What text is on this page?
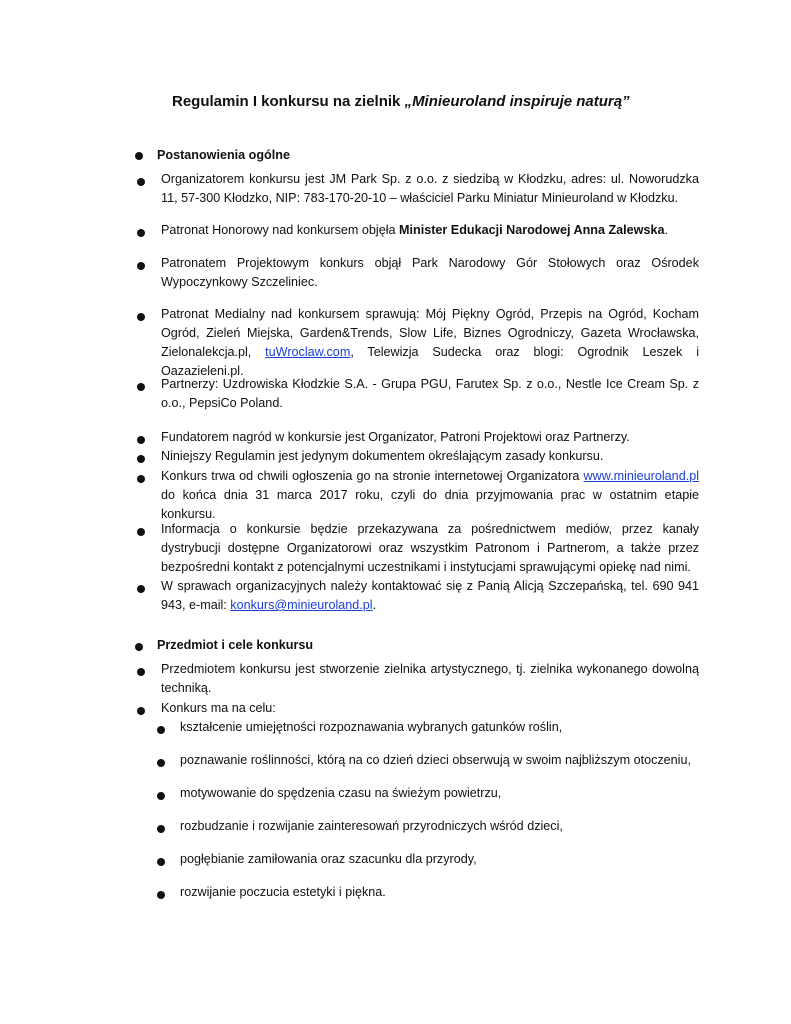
Regulamin I konkursu na zielnik „Minieuroland inspiruje naturą”
Postanowienia ogólne
Organizatorem konkursu jest JM Park Sp. z o.o. z siedzibą w Kłodzku, adres: ul. Noworudzka 11, 57-300 Kłodzko, NIP: 783-170-20-10 – właściciel Parku Miniatur Minieuroland w Kłodzku.
Patronat Honorowy nad konkursem objęła Minister Edukacji Narodowej Anna Zalewska.
Patronatem Projektowym konkurs objął Park Narodowy Gór Stołowych oraz Ośrodek Wypoczynkowy Szczeliniec.
Patronat Medialny nad konkursem sprawują: Mój Piękny Ogród, Przepis na Ogród, Kocham Ogród, Zieleń Miejska, Garden&Trends, Slow Life, Biznes Ogrodniczy, Gazeta Wrocławska, Zielonalekcja.pl, tuWroclaw.com, Telewizja Sudecka oraz blogi: Ogrodnik Leszek i Oazazieleni.pl.
Partnerzy: Uzdrowiska Kłodzkie S.A. - Grupa PGU, Farutex Sp. z o.o., Nestle Ice Cream Sp. z o.o., PepsiCo Poland.
Fundatorem nagród w konkursie jest Organizator, Patroni Projektowi oraz Partnerzy.
Niniejszy Regulamin jest jedynym dokumentem określającym zasady konkursu.
Konkurs trwa od chwili ogłoszenia go na stronie internetowej Organizatora www.minieuroland.pl do końca dnia 31 marca 2017 roku, czyli do dnia przyjmowania prac w ostatnim etapie konkursu.
Informacja o konkursie będzie przekazywana za pośrednictwem mediów, przez kanały dystrybucji dostępne Organizatorowi oraz wszystkim Patronom i Partnerom, a także przez bezpośredni kontakt z potencjalnymi uczestnikami i instytucjami sprawującymi opiekę nad nimi.
W sprawach organizacyjnych należy kontaktować się z Panią Alicją Szczepańską, tel. 690 941 943, e-mail: konkurs@minieuroland.pl.
Przedmiot i cele konkursu
Przedmiotem konkursu jest stworzenie zielnika artystycznego, tj. zielnika wykonanego dowolną techniką.
Konkurs ma na celu:
kształcenie umiejętności rozpoznawania wybranych gatunków roślin,
poznawanie roślinności, którą na co dzień dzieci obserwują w swoim najbliższym otoczeniu,
motywowanie do spędzenia czasu na świeżym powietrzu,
rozbudzanie i rozwijanie zainteresowań przyrodniczych wśród dzieci,
pogłębianie zamiłowania oraz szacunku dla przyrody,
rozwijanie poczucia estetyki i piękna.
